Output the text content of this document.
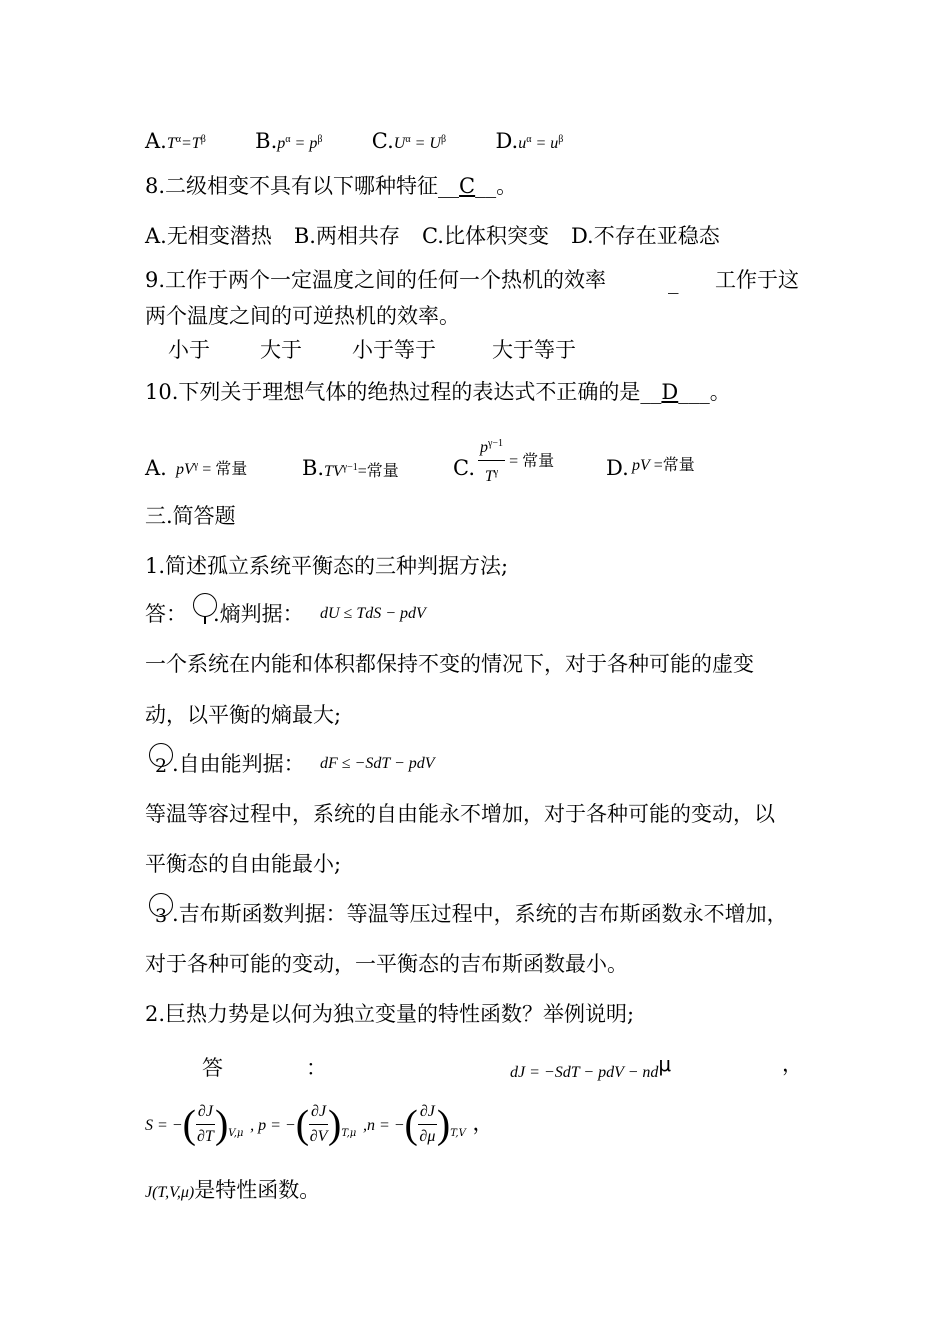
$A.T^\alpha=T^\beta$ $B.p^\alpha = p^\beta$ $C.U^\alpha = U^\beta$ $D.u^\alpha = u^\beta$
8.二级相变不具有以下哪种特征__C__。
A.无相变潜热 B.两相共存 C.比体积突变 D.不存在亚稳态
9.工作于两个一定温度之间的任何一个热机的效率	_ 工作于这
两个温度之间的可逆热机的效率。
小于 大于 小于等于	大于等于
10.下列关于理想气体的绝热过程的表达式不正确的是__D___。
A. $pV^\gamma$ = 常量	B. $TV^{\gamma-1}=$常量	C. $\frac{p^{\gamma-1}}{T^\gamma}$ = 常量 D. pV =常量
三.简答题
1.简述孤立系统平衡态的三种判据方法;
答： .熵判据： dU ≤ TdS − pdV
一个系统在内能和体积都保持不变的情况下，对于各种可能的虚变
动，以平衡的熵最大;
2 .自由能判据： dF ≤ −SdT − pdV
等温等容过程中，系统的自由能永不增加，对于各种可能的变动，以
平衡态的自由能最小;
3 .吉布斯函数判据：等温等压过程中，系统的吉布斯函数永不增加，
对于各种可能的变动，一平衡态的吉布斯函数最小。
2.巨热力势是以何为独立变量的特性函数？举例说明;
答	：	dJ = −SdT − pdV − ndμ	，
S = −( $\frac{\partial J}{\partial T} )_{V,\mu}$ , p = −( $\frac{\partial J}{\partial V} )_{T,\mu}$ ,n = −( $\frac{\partial J}{\partial\mu} )_{T,V}$ ，
J(T,V,μ)是特性函数。
